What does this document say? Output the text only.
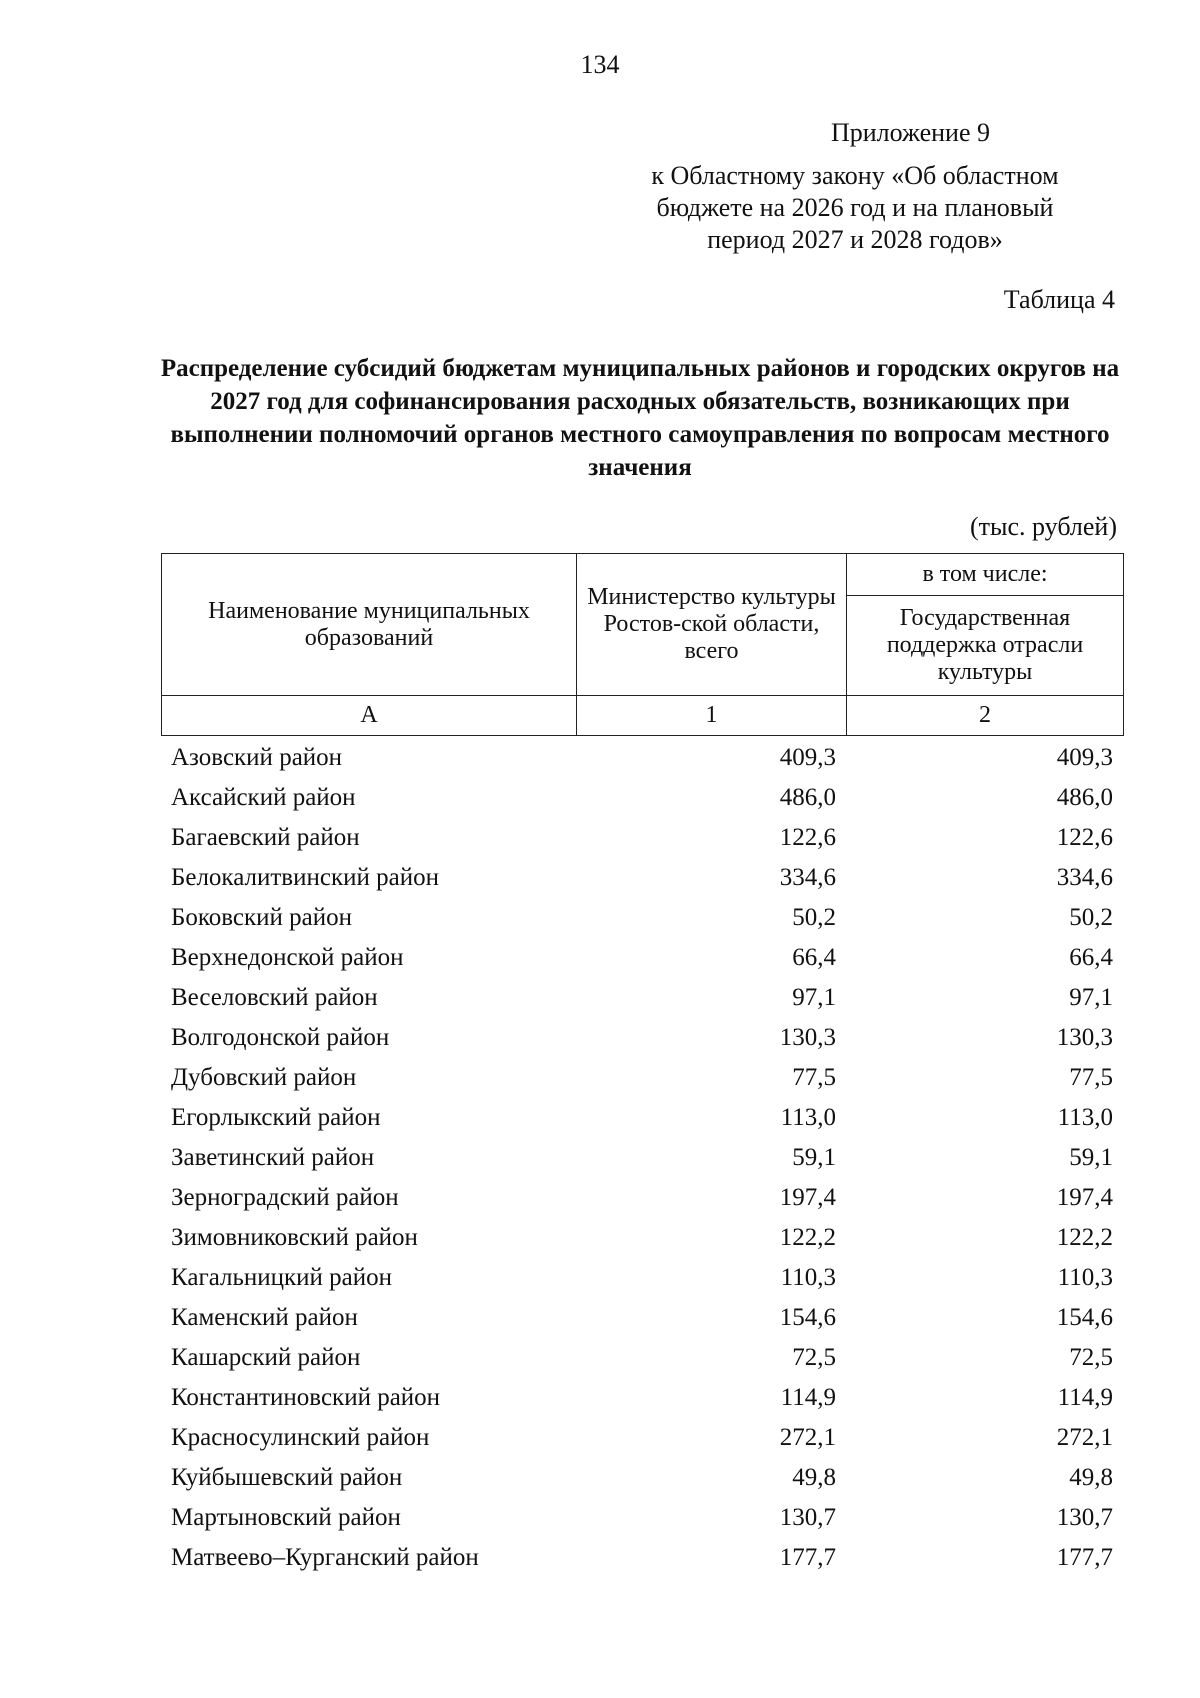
134
Приложение 9
к Областному закону «Об областном бюджете на 2026 год и на плановый период 2027 и 2028 годов»
Таблица 4
Распределение субсидий бюджетам муниципальных районов и городских округов на 2027 год для софинансирования расходных обязательств, возникающих при выполнении полномочий органов местного самоуправления по вопросам местного значения
(тыс. рублей)
Наименование муниципальных образований	Министерство культуры Ростов-ской области, всего	в том числе:
		Государственная поддержка отрасли культуры
А	1	2
Азовский район	409,3	409,3
Аксайский район	486,0	486,0
Багаевский район	122,6	122,6
Белокалитвинский район	334,6	334,6
Боковский район	50,2	50,2
Верхнедонской район	66,4	66,4
Веселовский район	97,1	97,1
Волгодонской район	130,3	130,3
Дубовский район	77,5	77,5
Егорлыкский район	113,0	113,0
Заветинский район	59,1	59,1
Зерноградский район	197,4	197,4
Зимовниковский район	122,2	122,2
Кагальницкий район	110,3	110,3
Каменский район	154,6	154,6
Кашарский район	72,5	72,5
Константиновский район	114,9	114,9
Красносулинский район	272,1	272,1
Куйбышевский район	49,8	49,8
Мартыновский район	130,7	130,7
Матвеево–Курганский район	177,7	177,7
